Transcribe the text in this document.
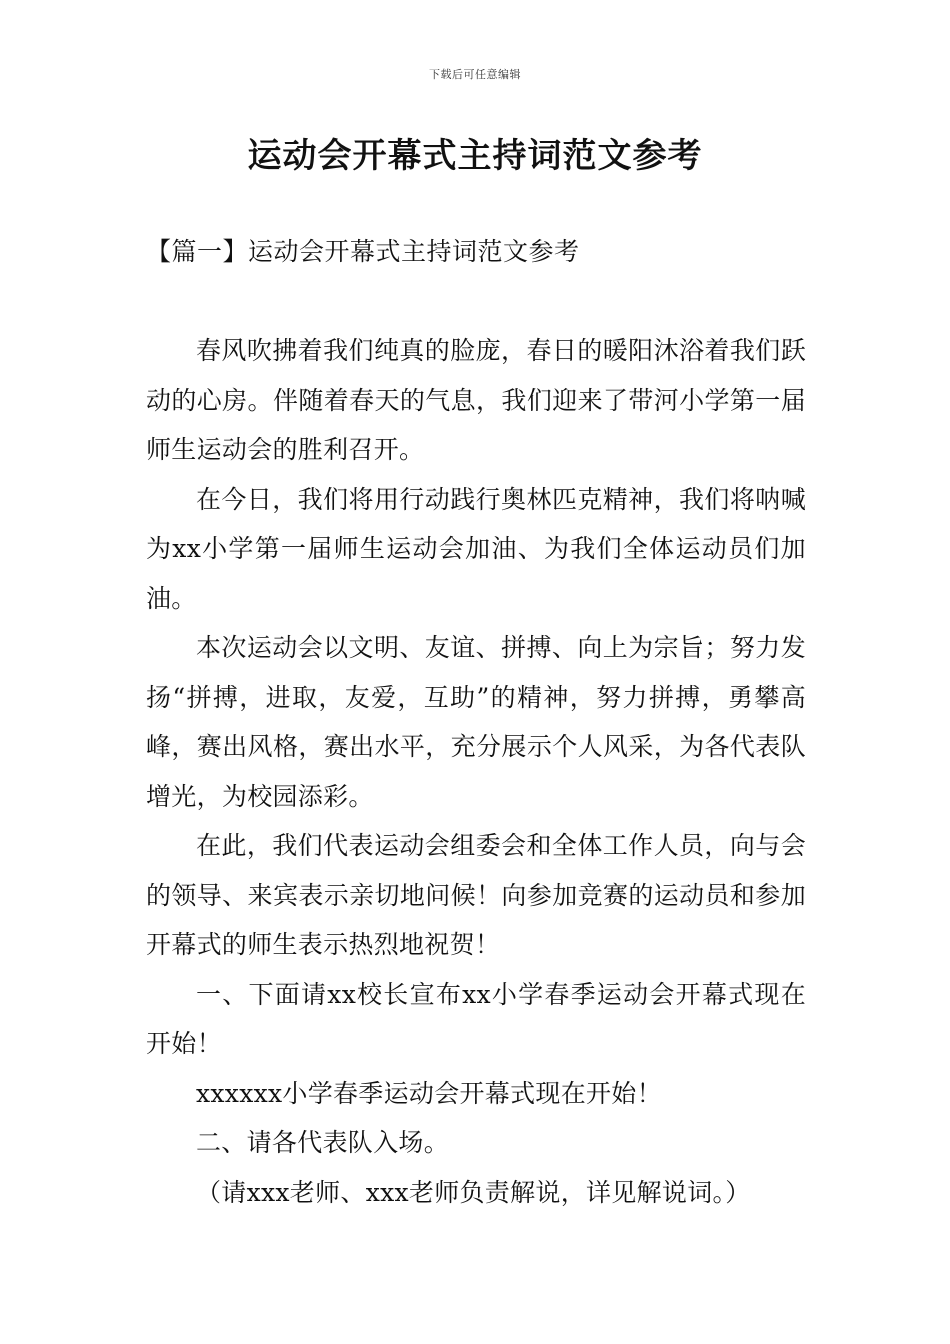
下载后可任意编辑
运动会开幕式主持词范文参考
【篇一】运动会开幕式主持词范文参考

春风吹拂着我们纯真的脸庞，春日的暖阳沐浴着我们跃动的心房。伴随着春天的气息，我们迎来了带河小学第一届师生运动会的胜利召开。

在今日，我们将用行动践行奥林匹克精神，我们将呐喊为xx小学第一届师生运动会加油、为我们全体运动员们加油。

本次运动会以文明、友谊、拼搏、向上为宗旨；努力发扬“拼搏，进取，友爱，互助”的精神，努力拼搏，勇攀高峰，赛出风格，赛出水平，充分展示个人风采，为各代表队增光，为校园添彩。

在此，我们代表运动会组委会和全体工作人员，向与会的领导、来宾表示亲切地问候！向参加竞赛的运动员和参加开幕式的师生表示热烈地祝贺！

一、下面请xx校长宣布xx小学春季运动会开幕式现在开始！

xxxxxx小学春季运动会开幕式现在开始！

二、请各代表队入场。

（请xxx老师、xxx老师负责解说，详见解说词。）
